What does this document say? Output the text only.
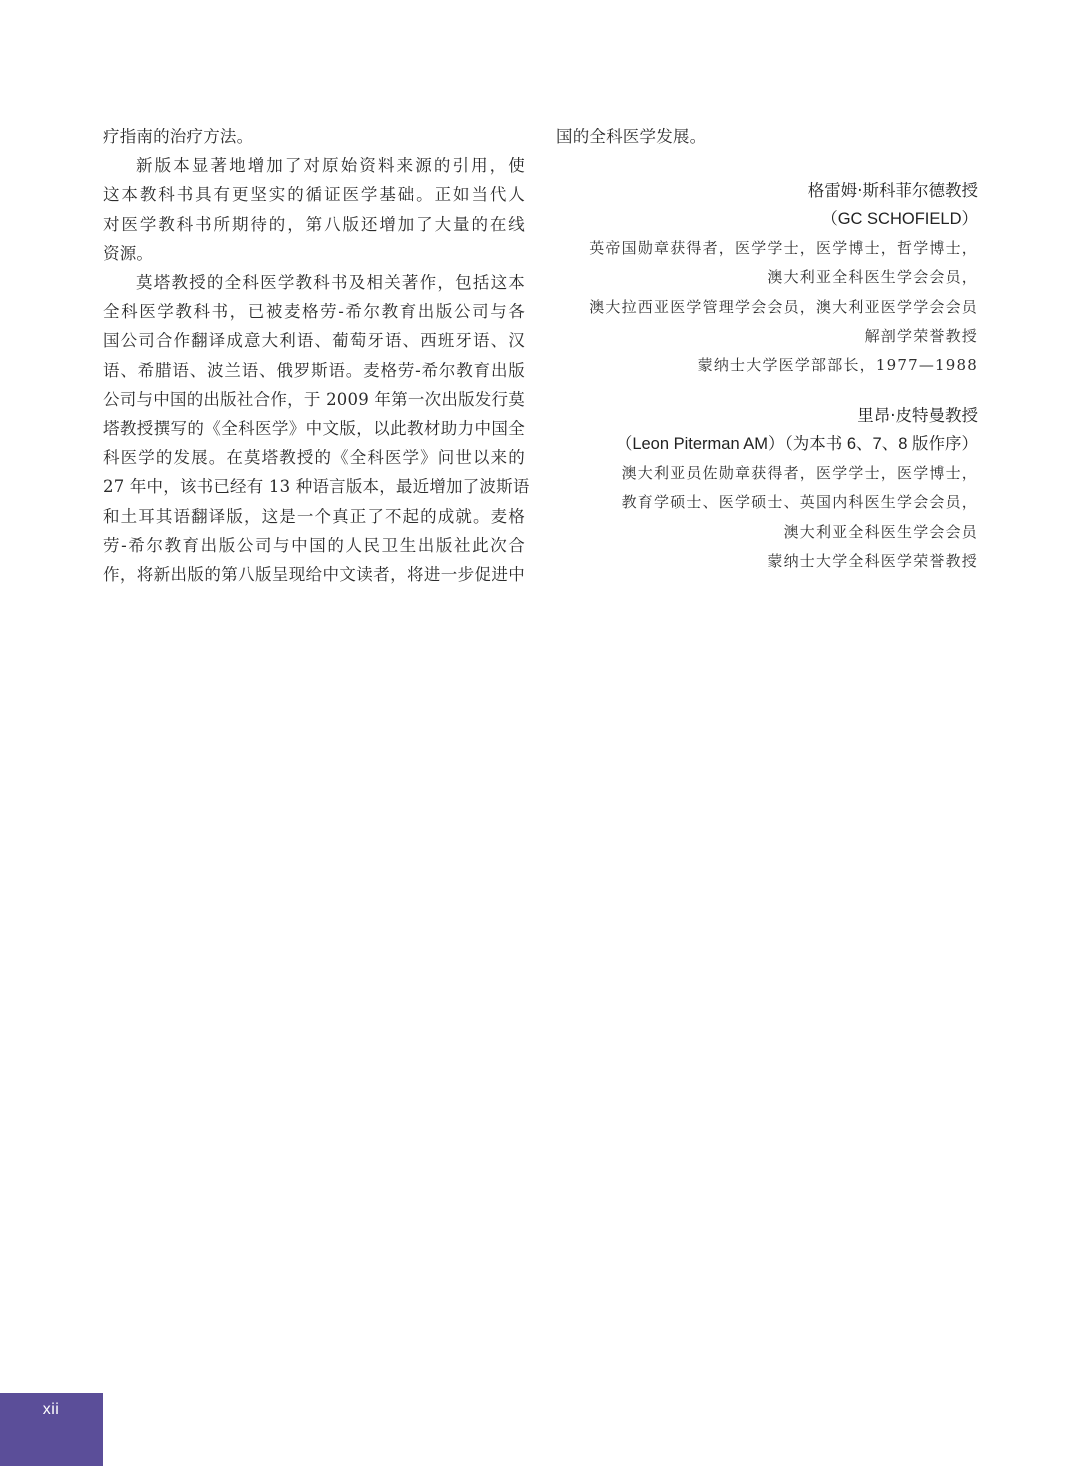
疗指南的治疗方法。

新版本显著地增加了对原始资料来源的引用，使
这本教科书具有更坚实的循证医学基础。正如当代人
对医学教科书所期待的，第八版还增加了大量的在线
资源。

莫塔教授的全科医学教科书及相关著作，包括这本
全科医学教科书，已被麦格劳-希尔教育出版公司与各
国公司合作翻译成意大利语、葡萄牙语、西班牙语、汉
语、希腊语、波兰语、俄罗斯语。麦格劳-希尔教育出版
公司与中国的出版社合作，于 2009 年第一次出版发行莫
塔教授撰写的《全科医学》中文版，以此教材助力中国全
科医学的发展。在莫塔教授的《全科医学》问世以来的
27 年中，该书已经有 13 种语言版本，最近增加了波斯语
和土耳其语翻译版，这是一个真正了不起的成就。麦格
劳-希尔教育出版公司与中国的人民卫生出版社此次合
作，将新出版的第八版呈现给中文读者，将进一步促进中

国的全科医学发展。

格雷姆·斯科菲尔德教授

（GC SCHOFIELD）

英帝国勋章获得者，医学学士，医学博士，哲学博士，

澳大利亚全科医生学会会员，

澳大拉西亚医学管理学会会员，澳大利亚医学学会会员

解剖学荣誉教授

蒙纳士大学医学部部长，1977—1988

里昂·皮特曼教授

（Leon Piterman AM）（为本书 6、7、8 版作序）

澳大利亚员佐勋章获得者，医学学士，医学博士，

教育学硕士、医学硕士、英国内科医生学会会员，

澳大利亚全科医生学会会员

蒙纳士大学全科医学荣誉教授

xii
